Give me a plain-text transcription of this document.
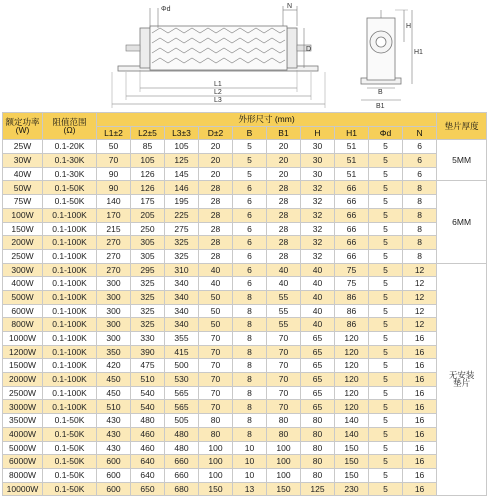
Φd	N
D
L1
L2
L3
H
H1
B
B1
额定功率
(W)	阻值范围
(Ω)	外形尺寸 (mm)										垫片厚度
		L1±2	L2±5	L3±3	D±2	B	B1	H	H1	Φd	N	
25W	0.1-20K	50	85	105	20	5	20	30	51	5	6	5MM
30W	0.1-30K	70	105	125	20	5	20	30	51	5	6	
40W	0.1-30K	90	126	145	20	5	20	30	51	5	6	
50W	0.1-50K	90	126	146	28	6	28	32	66	5	8	6MM
75W	0.1-50K	140	175	195	28	6	28	32	66	5	8	
100W	0.1-100K	170	205	225	28	6	28	32	66	5	8	
150W	0.1-100K	215	250	275	28	6	28	32	66	5	8	
200W	0.1-100K	270	305	325	28	6	28	32	66	5	8	
250W	0.1-100K	270	305	325	28	6	28	32	66	5	8	
300W	0.1-100K	270	295	310	40	6	40	40	75	5	12	无安装
垫片
400W	0.1-100K	300	325	340	40	6	40	40	75	5	12	
500W	0.1-100K	300	325	340	50	8	55	40	86	5	12	
600W	0.1-100K	300	325	340	50	8	55	40	86	5	12	
800W	0.1-100K	300	325	340	50	8	55	40	86	5	12	
1000W	0.1-100K	300	330	355	70	8	70	65	120	5	16	
1200W	0.1-100K	350	390	415	70	8	70	65	120	5	16	
1500W	0.1-100K	420	475	500	70	8	70	65	120	5	16	
2000W	0.1-100K	450	510	530	70	8	70	65	120	5	16	
2500W	0.1-100K	450	540	565	70	8	70	65	120	5	16	
3000W	0.1-100K	510	540	565	70	8	70	65	120	5	16	
3500W	0.1-50K	430	480	505	80	8	80	80	140	5	16	
4000W	0.1-50K	430	460	480	80	8	80	80	140	5	16	
5000W	0.1-50K	430	460	480	100	10	100	80	150	5	16	
6000W	0.1-50K	600	640	660	100	10	100	80	150	5	16	
8000W	0.1-50K	600	640	660	100	10	100	80	150	5	16	
10000W	0.1-50K	600	650	680	150	13	150	125	230	5	16	
